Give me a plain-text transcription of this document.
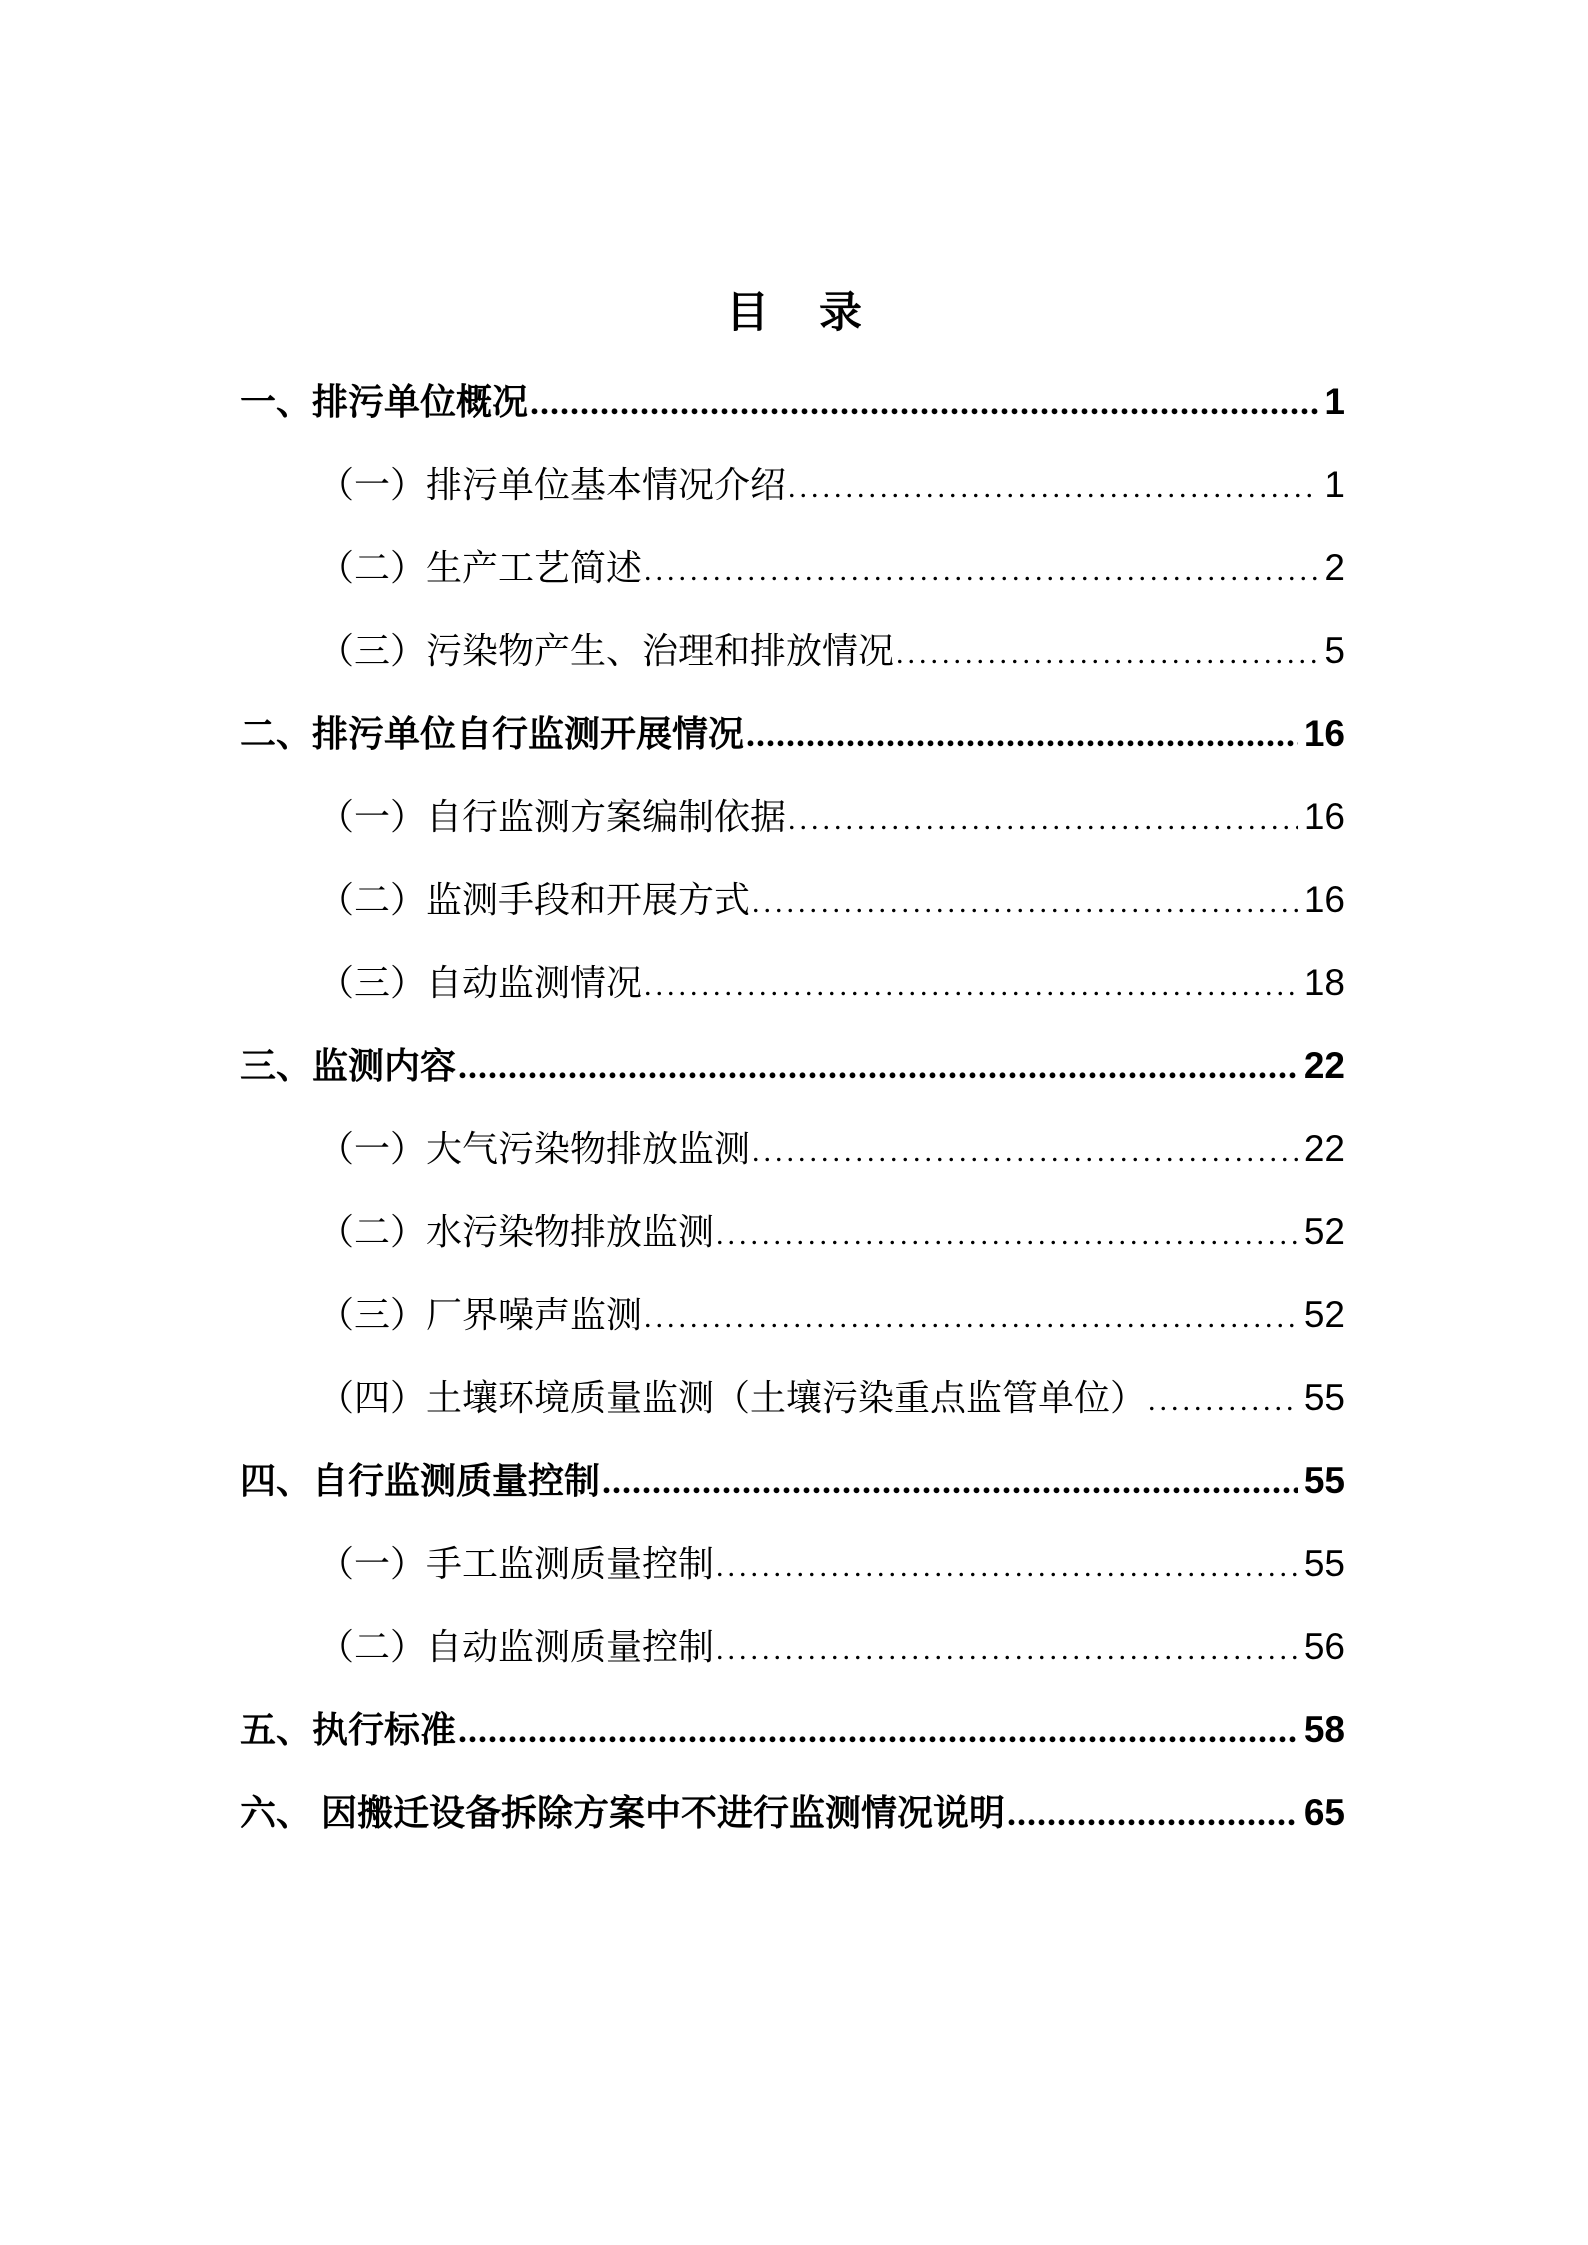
目 录
一、排污单位概况 .....	1
（一）排污单位基本情况介绍 .....	1
（二）生产工艺简述 .....	2
（三）污染物产生、治理和排放情况 .....	5
二、排污单位自行监测开展情况 .....	16
（一）自行监测方案编制依据 .....	16
（二）监测手段和开展方式 .....	16
（三）自动监测情况 .....	18
三、监测内容 .....	22
（一）大气污染物排放监测 .....	22
（二）水污染物排放监测 .....	52
（三）厂界噪声监测 .....	52
（四）土壤环境质量监测（土壤污染重点监管单位） .....	55
四、自行监测质量控制 .....	55
（一）手工监测质量控制 .....	55
（二）自动监测质量控制 .....	56
五、执行标准 .....	58
六、 因搬迁设备拆除方案中不进行监测情况说明 .....	65
